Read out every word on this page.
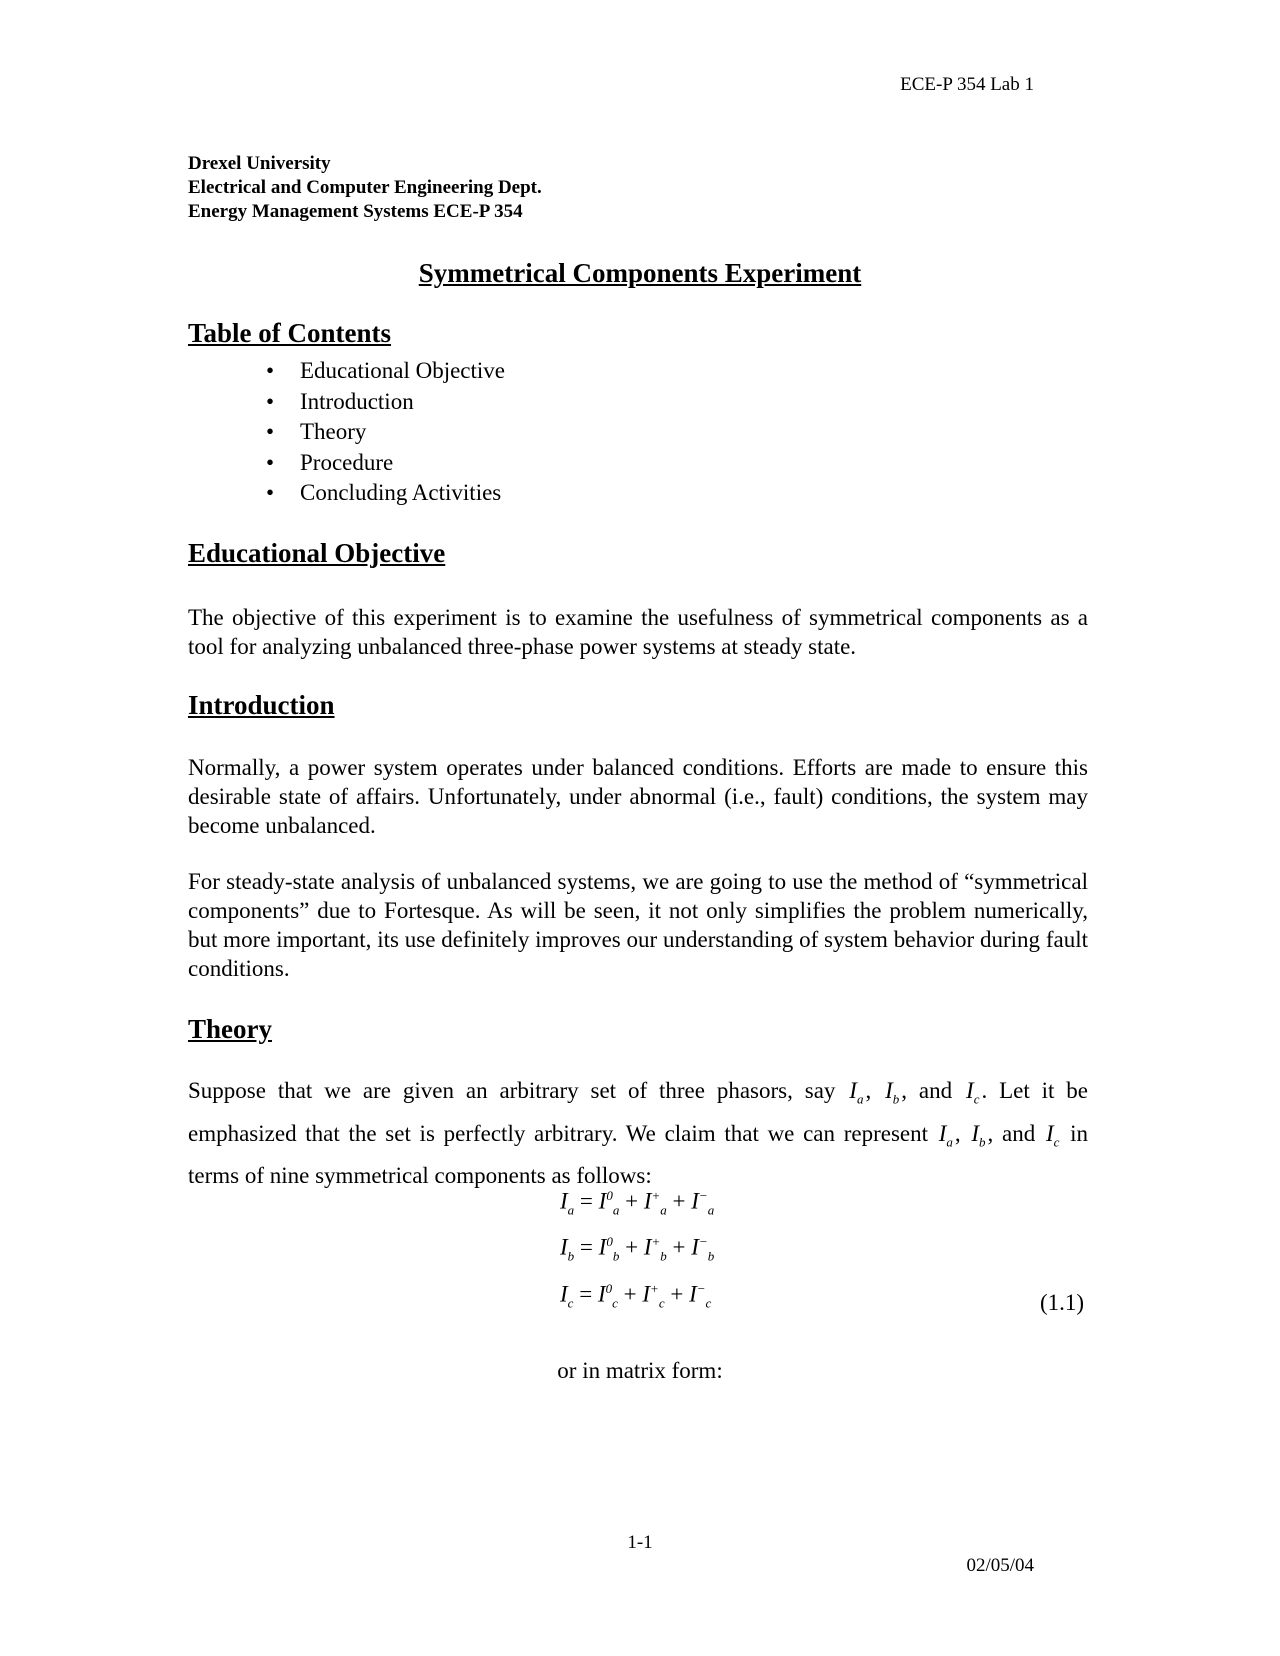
ECE-P 354 Lab 1
Drexel University
Electrical and Computer Engineering Dept.
Energy Management Systems ECE-P 354
Symmetrical Components Experiment
Table of Contents
• Educational Objective
• Introduction
• Theory
• Procedure
• Concluding Activities
Educational Objective
The objective of this experiment is to examine the usefulness of symmetrical components as a tool for analyzing unbalanced three-phase power systems at steady state.
Introduction
Normally, a power system operates under balanced conditions. Efforts are made to ensure this desirable state of affairs. Unfortunately, under abnormal (i.e., fault) conditions, the system may become unbalanced.
For steady-state analysis of unbalanced systems, we are going to use the method of “symmetrical components” due to Fortesque. As will be seen, it not only simplifies the problem numerically, but more important, its use definitely improves our understanding of system behavior during fault conditions.
Theory
Suppose that we are given an arbitrary set of three phasors, say $I_a$, $I_b$, and $I_c$. Let it be emphasized that the set is perfectly arbitrary. We claim that we can represent $I_a$, $I_b$, and $I_c$ in terms of nine symmetrical components as follows:
$I_a = I^0_a + I^+_a + I^-_a$
$I_b = I^0_b + I^+_b + I^-_b$
$I_c = I^0_c + I^+_c + I^-_c$	(1.1)
or in matrix form:
1-1
02/05/04
